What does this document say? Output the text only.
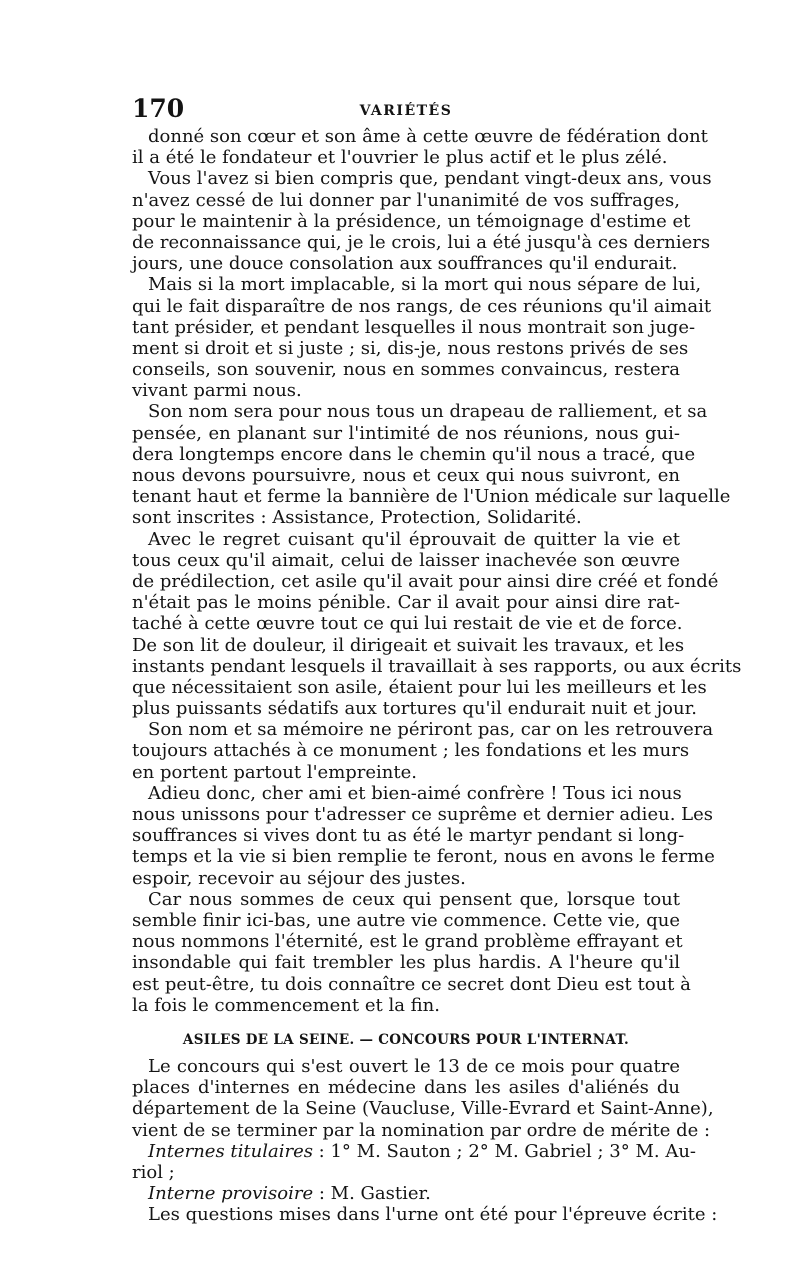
170	VARIÉTÉS
donné son cœur et son âme à cette œuvre de fédération dont
il a été le fondateur et l'ouvrier le plus actif et le plus zélé.
Vous l'avez si bien compris que, pendant vingt-deux ans, vous
n'avez cessé de lui donner par l'unanimité de vos suffrages,
pour le maintenir à la présidence, un témoignage d'estime et
de reconnaissance qui, je le crois, lui a été jusqu'à ces derniers
jours, une douce consolation aux souffrances qu'il endurait.
Mais si la mort implacable, si la mort qui nous sépare de lui,
qui le fait disparaître de nos rangs, de ces réunions qu'il aimait
tant présider, et pendant lesquelles il nous montrait son juge-
ment si droit et si juste ; si, dis-je, nous restons privés de ses
conseils, son souvenir, nous en sommes convaincus, restera
vivant parmi nous.
Son nom sera pour nous tous un drapeau de ralliement, et sa
pensée, en planant sur l'intimité de nos réunions, nous gui-
dera longtemps encore dans le chemin qu'il nous a tracé, que
nous devons poursuivre, nous et ceux qui nous suivront, en
tenant haut et ferme la bannière de l'Union médicale sur laquelle
sont inscrites : Assistance, Protection, Solidarité.
Avec le regret cuisant qu'il éprouvait de quitter la vie et
tous ceux qu'il aimait, celui de laisser inachevée son œuvre
de prédilection, cet asile qu'il avait pour ainsi dire créé et fondé
n'était pas le moins pénible. Car il avait pour ainsi dire rat-
taché à cette œuvre tout ce qui lui restait de vie et de force.
De son lit de douleur, il dirigeait et suivait les travaux, et les
instants pendant lesquels il travaillait à ses rapports, ou aux écrits
que nécessitaient son asile, étaient pour lui les meilleurs et les
plus puissants sédatifs aux tortures qu'il endurait nuit et jour.
Son nom et sa mémoire ne périront pas, car on les retrouvera
toujours attachés à ce monument ; les fondations et les murs
en portent partout l'empreinte.
Adieu donc, cher ami et bien-aimé confrère ! Tous ici nous
nous unissons pour t'adresser ce suprême et dernier adieu. Les
souffrances si vives dont tu as été le martyr pendant si long-
temps et la vie si bien remplie te feront, nous en avons le ferme
espoir, recevoir au séjour des justes.
Car nous sommes de ceux qui pensent que, lorsque tout
semble finir ici-bas, une autre vie commence. Cette vie, que
nous nommons l'éternité, est le grand problème effrayant et
insondable qui fait trembler les plus hardis. A l'heure qu'il
est peut-être, tu dois connaître ce secret dont Dieu est tout à
la fois le commencement et la fin.
ASILES DE LA SEINE. — CONCOURS POUR L'INTERNAT.
Le concours qui s'est ouvert le 13 de ce mois pour quatre
places d'internes en médecine dans les asiles d'aliénés du
département de la Seine (Vaucluse, Ville-Evrard et Saint-Anne),
vient de se terminer par la nomination par ordre de mérite de :
Internes titulaires : 1° M. Sauton ; 2° M. Gabriel ; 3° M. Au-
riol ;
Interne provisoire : M. Gastier.
Les questions mises dans l'urne ont été pour l'épreuve écrite :
